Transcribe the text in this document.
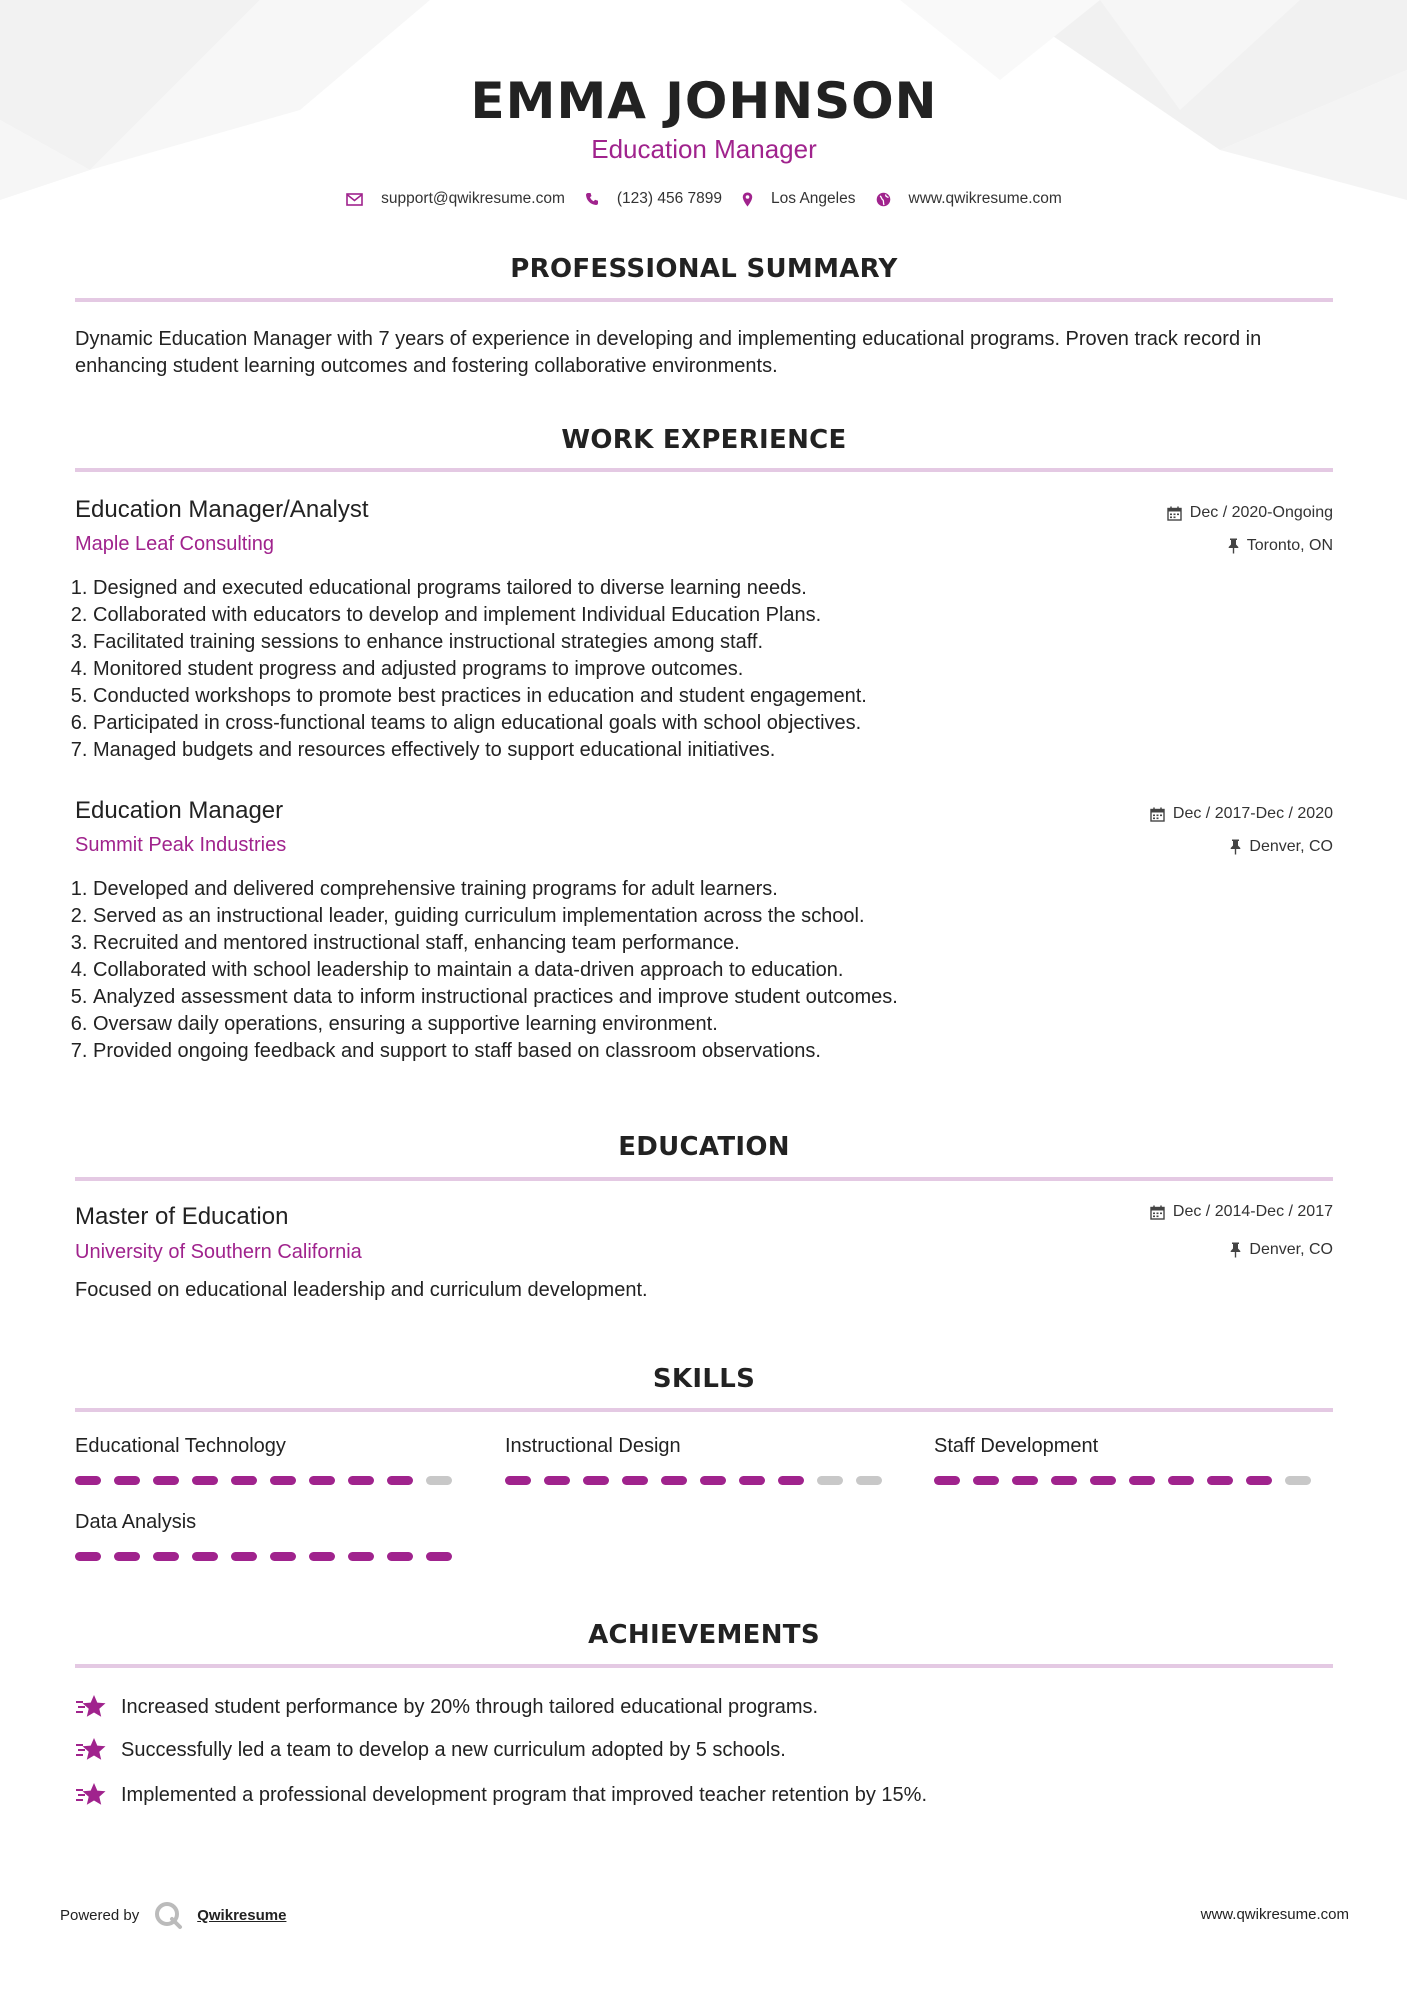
EMMA JOHNSON
Education Manager
support@qwikresume.com	(123) 456 7899	Los Angeles	www.qwikresume.com
PROFESSIONAL SUMMARY
Dynamic Education Manager with 7 years of experience in developing and implementing educational programs. Proven track record in enhancing student learning outcomes and fostering collaborative environments.
WORK EXPERIENCE
Education Manager/Analyst
Maple Leaf Consulting
Dec / 2020-Ongoing
Toronto, ON
1. Designed and executed educational programs tailored to diverse learning needs.
2. Collaborated with educators to develop and implement Individual Education Plans.
3. Facilitated training sessions to enhance instructional strategies among staff.
4. Monitored student progress and adjusted programs to improve outcomes.
5. Conducted workshops to promote best practices in education and student engagement.
6. Participated in cross-functional teams to align educational goals with school objectives.
7. Managed budgets and resources effectively to support educational initiatives.
Education Manager
Summit Peak Industries
Dec / 2017-Dec / 2020
Denver, CO
1. Developed and delivered comprehensive training programs for adult learners.
2. Served as an instructional leader, guiding curriculum implementation across the school.
3. Recruited and mentored instructional staff, enhancing team performance.
4. Collaborated with school leadership to maintain a data-driven approach to education.
5. Analyzed assessment data to inform instructional practices and improve student outcomes.
6. Oversaw daily operations, ensuring a supportive learning environment.
7. Provided ongoing feedback and support to staff based on classroom observations.
EDUCATION
Master of Education
University of Southern California
Dec / 2014-Dec / 2017
Denver, CO
Focused on educational leadership and curriculum development.
SKILLS
Educational Technology	Instructional Design	Staff Development
Data Analysis
ACHIEVEMENTS
Increased student performance by 20% through tailored educational programs.
Successfully led a team to develop a new curriculum adopted by 5 schools.
Implemented a professional development program that improved teacher retention by 15%.
Powered by	Qwikresume	www.qwikresume.com
